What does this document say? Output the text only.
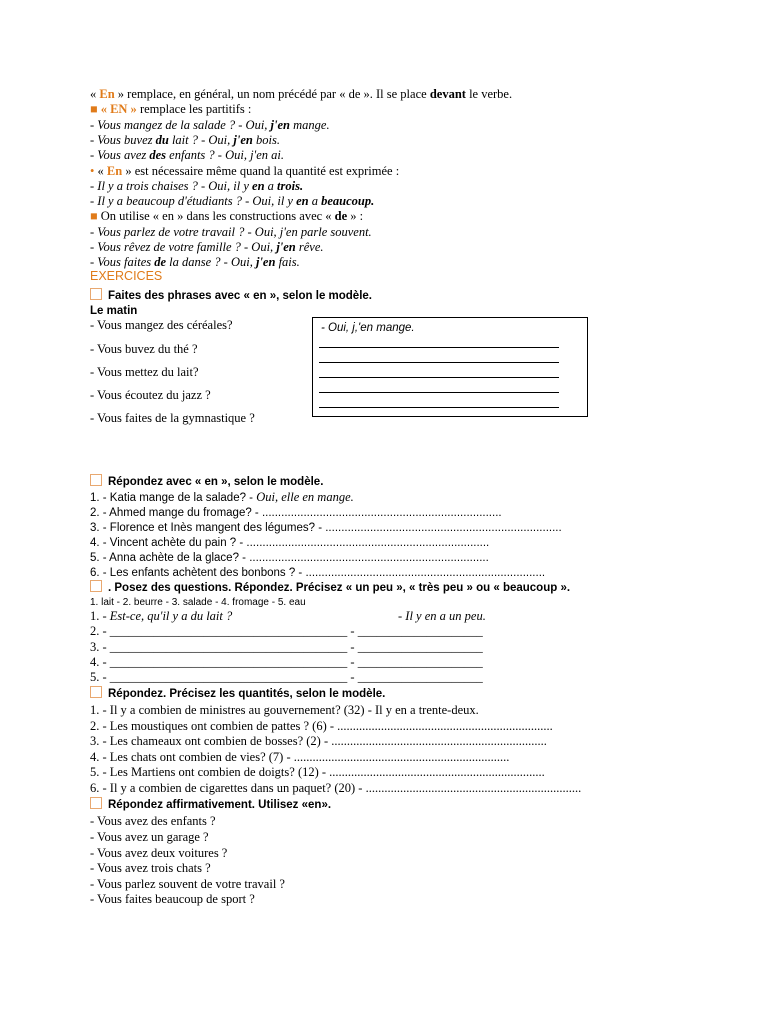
« En » remplace, en général, un nom précédé par « de ». Il se place devant le verbe.
■ « EN » remplace les partitifs :
- Vous mangez de la salade ? - Oui, j'en mange.
- Vous buvez du lait ? - Oui, j'en bois.
- Vous avez des enfants ? - Oui, j'en ai.
• « En » est nécessaire même quand la quantité est exprimée :
- Il y a trois chaises ? - Oui, il y en a trois.
- Il y a beaucoup d'étudiants ? - Oui, il y en a beaucoup.
■ On utilise « en » dans les constructions avec « de » :
- Vous parlez de votre travail ? - Oui, j'en parle souvent.
- Vous rêvez de votre famille ? - Oui, j'en rêve.
- Vous faites de la danse ? - Oui, j'en fais.
EXERCICES
Faites des phrases avec « en », selon le modèle.
Le matin
- Vous mangez des céréales?
- Vous buvez du thé ?
- Vous mettez du lait?
- Vous écoutez du jazz ?
- Vous faites de la gymnastique ?
- Oui, j,'en mange.
Répondez avec « en », selon le modèle.
1. - Katia mange de la salade? - Oui, elle en mange.
2. - Ahmed mange du fromage? - ...........................................................................
3. - Florence et Inès mangent des légumes? - ..........................................................................
4. - Vincent achète du pain ? - ............................................................................
5. - Anna achète de la glace? - ...........................................................................
6. - Les enfants achètent des bonbons ? - ...........................................................................
. Posez des questions. Répondez. Précisez « un peu », « très peu » ou « beaucoup ».
1. lait - 2. beurre - 3. salade - 4. fromage - 5. eau
1. - Est-ce, qu'il y a du lait ?	- Il y en a un peu.
2. - ______________________________________ - ____________________
3. - ______________________________________ - ____________________
4. - ______________________________________ - ____________________
5. - ______________________________________ - ____________________
Répondez. Précisez les quantités, selon le modèle.
1. - Il y a combien de ministres au gouvernement? (32) - Il y en a trente-deux.
2. - Les moustiques ont combien de pattes ? (6) - .....................................................................
3. - Les chameaux ont combien de bosses? (2) - .....................................................................
4. - Les chats ont combien de vies? (7) - .....................................................................
5. - Les Martiens ont combien de doigts? (12) - .....................................................................
6. - Il y a combien de cigarettes dans un paquet? (20) - .....................................................................
Répondez affirmativement. Utilisez «en».
- Vous avez des enfants ?
- Vous avez un garage ?
- Vous avez deux voitures ?
- Vous avez trois chats ?
- Vous parlez souvent de votre travail ?
- Vous faites beaucoup de sport ?
